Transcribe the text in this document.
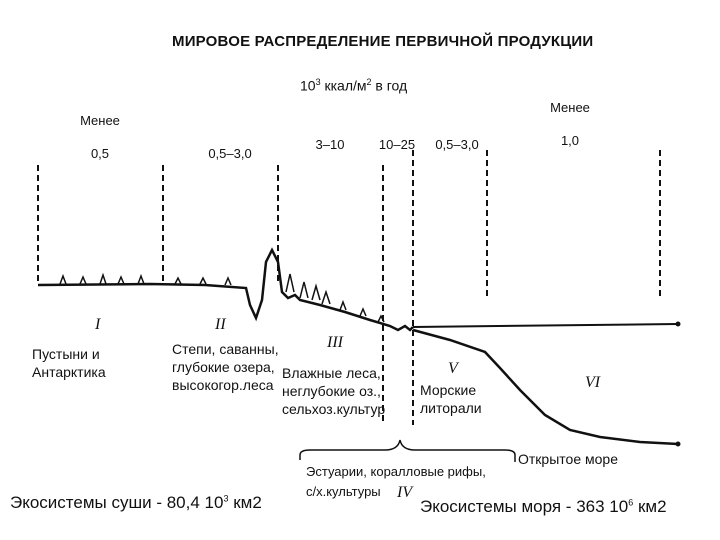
МИРОВОЕ РАСПРЕДЕЛЕНИЕ ПЕРВИЧНОЙ ПРОДУКЦИИ
$10^3$ ккал/$м^2$ в год
Менее
0,5	0,5–3,0
3–10	10–25	0,5–3,0
Менее
1,0
I	II
III
V
VI
IV
Пустыни и
Антарктика
Степи, саванны,
глубокие озера,
высокогор.леса
Влажные леса,
неглубокие оз.,
сельхоз.культур
Морские
литорали
Открытое море
Эстуарии, коралловые рифы,
с/х.культуры
Экосистемы суши - 80,4 $10^3$ км2	Экосистемы моря - 363 $10^6$ км2
